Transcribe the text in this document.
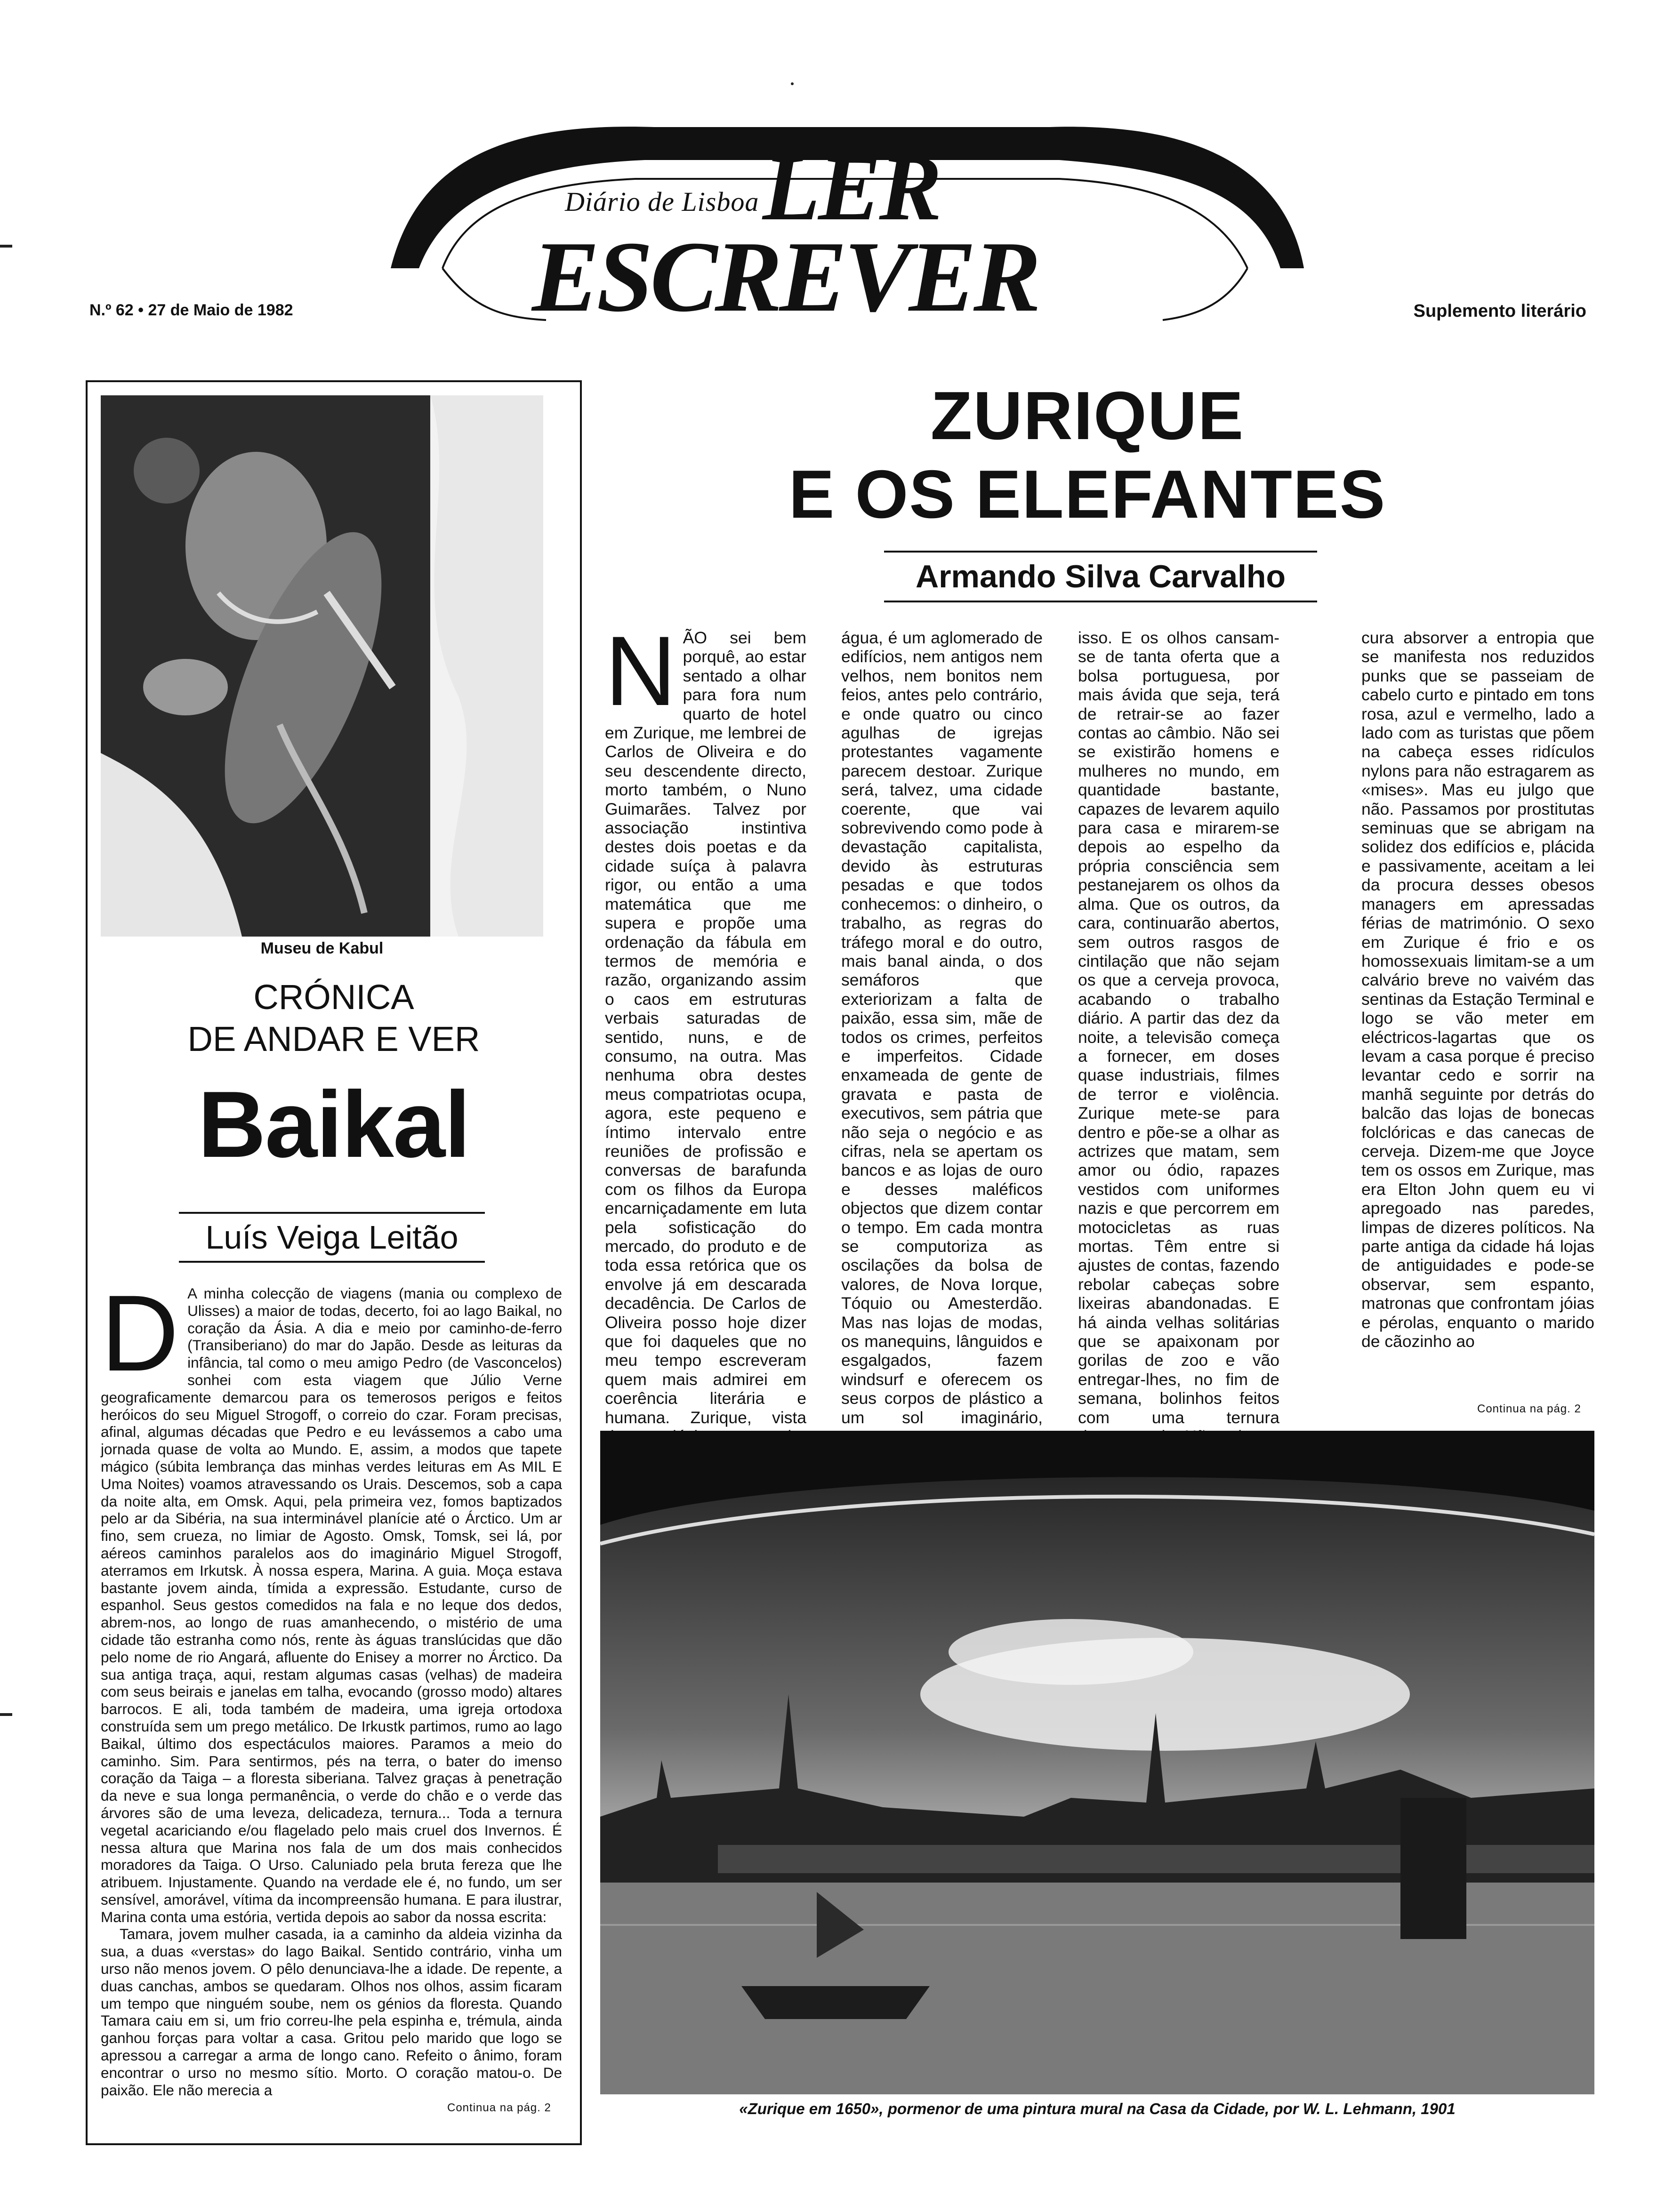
Diário de Lisboa LER
ESCREVER
N.º 62 • 27 de Maio de 1982	Suplemento literário
Museu de Kabul
CRÓNICA
DE ANDAR E VER
Baikal
Luís Veiga Leitão
D A minha colecção de viagens (mania ou complexo de Ulisses) a maior de todas, decerto, foi ao lago Baikal, no coração da Ásia. A dia e meio por caminho-de-ferro (Transiberiano) do mar do Japão. Desde as leituras da infância, tal como o meu amigo Pedro (de Vasconcelos) sonhei com esta viagem que Júlio Verne geograficamente demarcou para os temerosos perigos e feitos heróicos do seu Miguel Strogoff, o correio do czar. Foram precisas, afinal, algumas décadas que Pedro e eu levássemos a cabo uma jornada quase de volta ao Mundo. E, assim, a modos que tapete mágico (súbita lembrança das minhas verdes leituras em As MIL E Uma Noites) voamos atravessando os Urais. Descemos, sob a capa da noite alta, em Omsk. Aqui, pela primeira vez, fomos baptizados pelo ar da Sibéria, na sua interminável planície até o Árctico. Um ar fino, sem crueza, no limiar de Agosto. Omsk, Tomsk, sei lá, por aéreos caminhos paralelos aos do imaginário Miguel Strogoff, aterramos em Irkutsk. À nossa espera, Marina. A guia. Moça estava bastante jovem ainda, tímida a expressão. Estudante, curso de espanhol. Seus gestos comedidos na fala e no leque dos dedos, abrem-nos, ao longo de ruas amanhecendo, o mistério de uma cidade tão estranha como nós, rente às águas translúcidas que dão pelo nome de rio Angará, afluente do Enisey a morrer no Árctico. Da sua antiga traça, aqui, restam algumas casas (velhas) de madeira com seus beirais e janelas em talha, evocando (grosso modo) altares barrocos. E ali, toda também de madeira, uma igreja ortodoxa construída sem um prego metálico. De Irkustk partimos, rumo ao lago Baikal, último dos espectáculos maiores. Paramos a meio do caminho. Sim. Para sentirmos, pés na terra, o bater do imenso coração da Taiga – a floresta siberiana. Talvez graças à penetração da neve e sua longa permanência, o verde do chão e o verde das árvores são de uma leveza, delicadeza, ternura... Toda a ternura vegetal acariciando e/ou flagelado pelo mais cruel dos Invernos. É nessa altura que Marina nos fala de um dos mais conhecidos moradores da Taiga. O Urso. Caluniado pela bruta fereza que lhe atribuem. Injustamente. Quando na verdade ele é, no fundo, um ser sensível, amorável, vítima da incompreensão humana. E para ilustrar, Marina conta uma estória, vertida depois ao sabor da nossa escrita:
Tamara, jovem mulher casada, ia a caminho da aldeia vizinha da sua, a duas «verstas» do lago Baikal. Sentido contrário, vinha um urso não menos jovem. O pêlo denunciava-lhe a idade. De repente, a duas canchas, ambos se quedaram. Olhos nos olhos, assim ficaram um tempo que ninguém soube, nem os génios da floresta. Quando Tamara caiu em si, um frio correu-lhe pela espinha e, trémula, ainda ganhou forças para voltar a casa. Gritou pelo marido que logo se apressou a carregar a arma de longo cano. Refeito o ânimo, foram encontrar o urso no mesmo sítio. Morto. O coração matou-o. De paixão. Ele não merecia a
Continua na pág. 2
ZURIQUE
E OS ELEFANTES
Armando Silva Carvalho
N ÃO sei bem porquê, ao estar sentado a olhar para fora num quarto de hotel em Zurique, me lembrei de Carlos de Oliveira e do seu descendente directo, morto também, o Nuno Guimarães. Talvez por associação instintiva destes dois poetas e da cidade suíça à palavra rigor, ou então a uma matemática que me supera e propõe uma ordenação da fábula em termos de memória e razão, organizando assim o caos em estruturas verbais saturadas de sentido, nuns, e de consumo, na outra. Mas nenhuma obra destes meus compatriotas ocupa, agora, este pequeno e íntimo intervalo entre reuniões de profissão e conversas de barafunda com os filhos da Europa encarniçadamente em luta pela sofisticação do mercado, do produto e de toda essa retórica que os envolve já em descarada decadência. De Carlos de Oliveira posso hoje dizer que foi daqueles que no meu tempo escreveram quem mais admirei em coerência literária e humana. Zurique, vista
água, é um aglomerado de edifícios, nem antigos nem velhos, nem bonitos nem feios, antes pelo contrário, e onde quatro ou cinco agulhas de igrejas protestantes vagamente parecem destoar. Zurique será, talvez, uma cidade coerente, que vai sobrevivendo como pode à devastação capitalista, devido às estruturas pesadas e que todos conhecemos: o dinheiro, o trabalho, as regras do tráfego moral e do outro, mais banal ainda, o dos semáforos que exteriorizam a falta de paixão, essa sim, mãe de todos os crimes, perfeitos e imperfeitos. Cidade enxameada de gente de gravata e pasta de executivos, sem pátria que não seja o negócio e as cifras, nela se apertam os bancos e as lojas de ouro e desses maléficos objectos que dizem contar o tempo. Em cada montra se computoriza as oscilações da bolsa de valores, de Nova Iorque, Tóquio ou Amesterdão. Mas nas lojas de modas, os manequins, lânguidos e esgalgados, fazem windsurf e oferecem os seus corpos de plástico a um sol imaginário,
isso. E os olhos cansam-se de tanta oferta que a bolsa portuguesa, por mais ávida que seja, terá de retrair-se ao fazer contas ao câmbio. Não sei se existirão homens e mulheres no mundo, em quantidade bastante, capazes de levarem aquilo para casa e mirarem-se depois ao espelho da própria consciência sem pestanejarem os olhos da alma. Que os outros, da cara, continuarão abertos, sem outros rasgos de cintilação que não sejam os que a cerveja provoca, acabando o trabalho diário. A partir das dez da noite, a televisão começa a fornecer, em doses quase industriais, filmes de terror e violência. Zurique mete-se para dentro e põe-se a olhar as actrizes que matam, sem amor ou ódio, rapazes vestidos com uniformes nazis e que percorrem em motocicletas as ruas mortas. Têm entre si ajustes de contas, fazendo rebolar cabeças sobre lixeiras abandonadas. E há ainda velhas solitárias que se apaixonam por gorilas de zoo e vão entregar-lhes, no fim de semana, bolinhos feitos com uma ternura
cura absorver a entropia que se manifesta nos reduzidos punks que se passeiam de cabelo curto e pintado em tons rosa, azul e vermelho, lado a lado com as turistas que põem na cabeça esses ridículos nylons para não estragarem as «mises». Mas eu julgo que não. Passamos por prostitutas seminuas que se abrigam na solidez dos edifícios e, plácida e passivamente, aceitam a lei da procura desses obesos managers em apressadas férias de matrimónio. O sexo em Zurique é frio e os homossexuais limitam-se a um calvário breve no vaivém das sentinas da Estação Terminal e logo se vão meter em eléctricos-lagartas que os levam a casa porque é preciso levantar cedo e sorrir na manhã seguinte por detrás do balcão das lojas de bonecas folclóricas e das canecas de cerveja. Dizem-me que Joyce tem os ossos em Zurique, mas era Elton John quem eu vi apregoado nas paredes, limpas de dizeres políticos. Na parte antiga da cidade há lojas de antiguidades e pode-se observar, sem espanto, matronas que confrontam jóias e pérolas, enquanto o marido de cãozinho ao
Continua na pág. 2
«Zurique em 1650», pormenor de uma pintura mural na Casa da Cidade, por W. L. Lehmann, 1901
